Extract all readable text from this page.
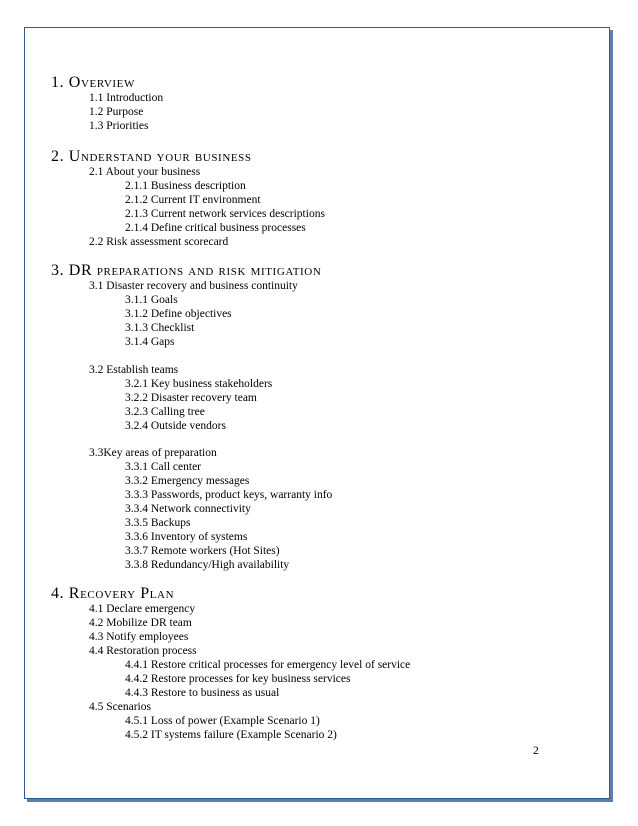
1. Overview

1.1 Introduction

1.2 Purpose

1.3 Priorities

2. Understand your business

2.1 About your business

2.1.1 Business description

2.1.2 Current IT environment

2.1.3 Current network services descriptions

2.1.4 Define critical business processes

2.2 Risk assessment scorecard

3. DR preparations and risk mitigation

3.1 Disaster recovery and business continuity

3.1.1 Goals

3.1.2 Define objectives

3.1.3 Checklist

3.1.4 Gaps

3.2 Establish teams

3.2.1 Key business stakeholders

3.2.2 Disaster recovery team

3.2.3 Calling tree

3.2.4 Outside vendors

3.3Key areas of preparation

3.3.1 Call center

3.3.2 Emergency messages

3.3.3 Passwords, product keys, warranty info

3.3.4 Network connectivity

3.3.5 Backups

3.3.6 Inventory of systems

3.3.7 Remote workers (Hot Sites)

3.3.8 Redundancy/High availability

4. Recovery Plan

4.1 Declare emergency

4.2 Mobilize DR team

4.3 Notify employees

4.4 Restoration process

4.4.1 Restore critical processes for emergency level of service

4.4.2 Restore processes for key business services

4.4.3 Restore to business as usual

4.5 Scenarios

4.5.1 Loss of power (Example Scenario 1)

4.5.2 IT systems failure (Example Scenario 2)

2
